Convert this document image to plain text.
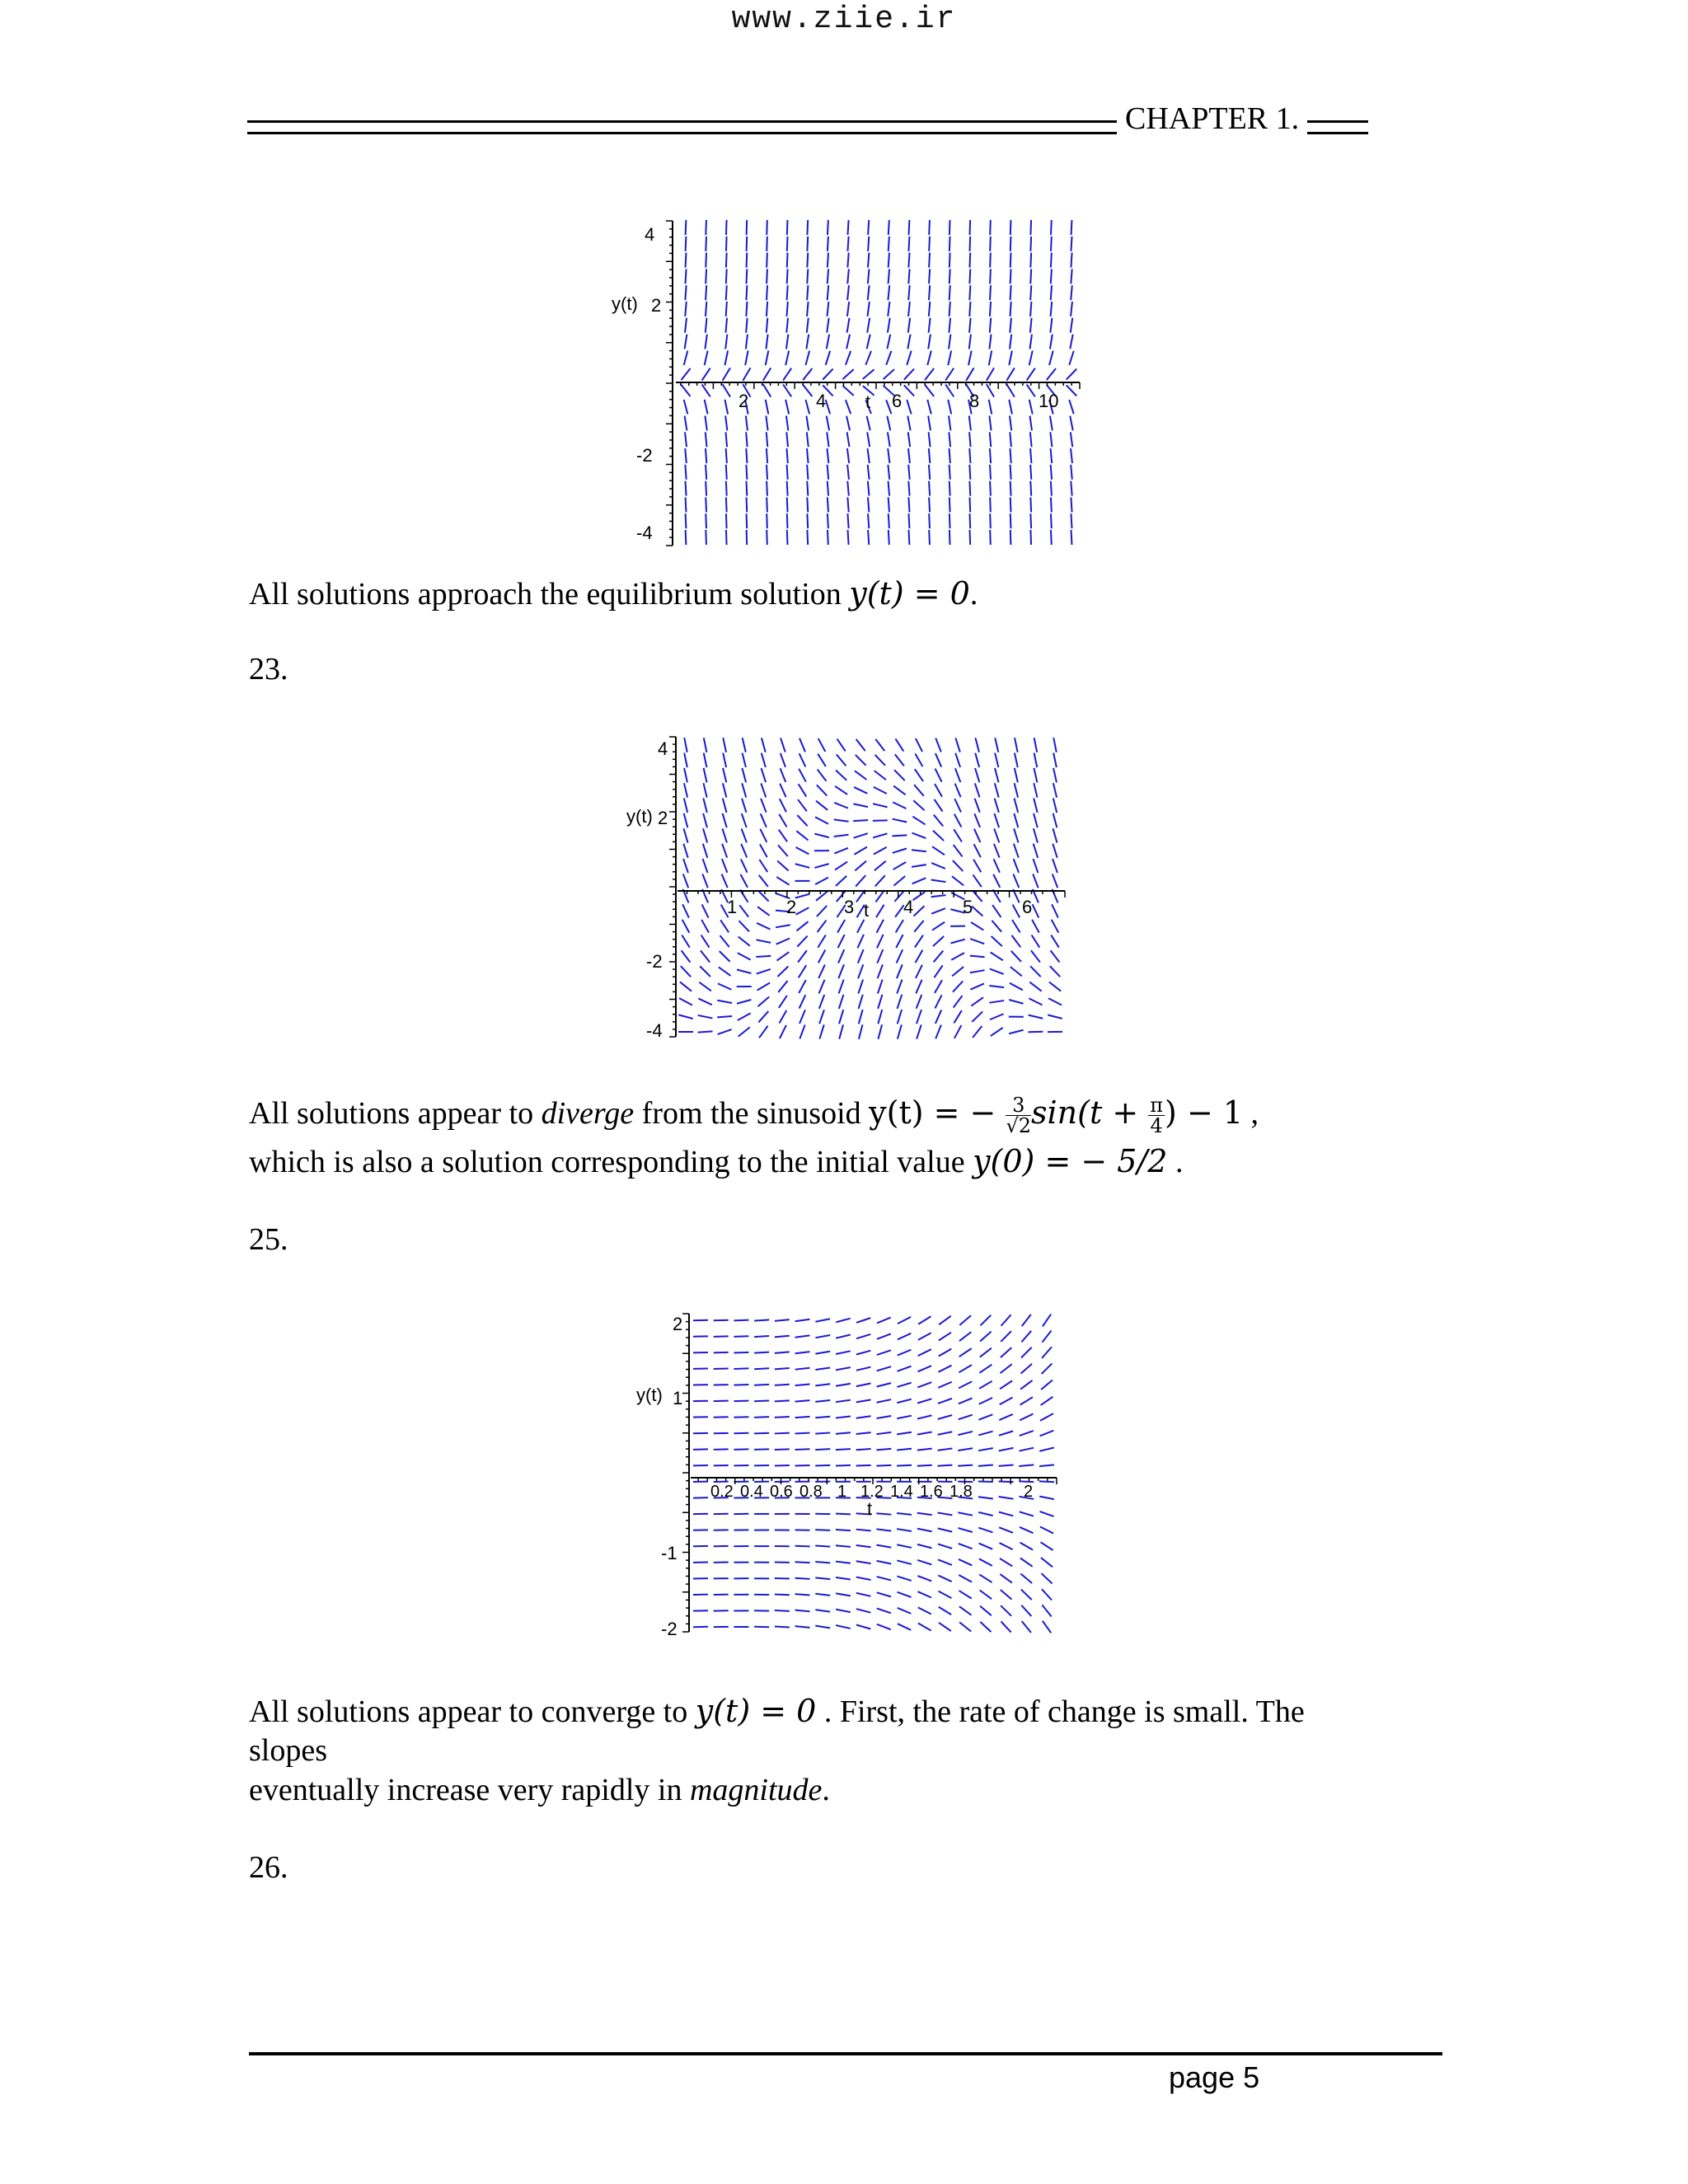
www.ziie.ir
CHAPTER 1.
y(t)
t
2	4	6	8	10
4
2
-2
-4

All solutions approach the equilibrium solution y(t) = 0.

23.
y(t)
t
1	2	3	4	5	6
4
2
-2
-4

All solutions appear to diverge from the sinusoid y(t) = − $\frac{3}{√2} \sin(t + \frac{\pi}{4}$ ) − 1 ,

which is also a solution corresponding to the initial value y(0) = − 5/2 .

25.
y(t)
t
0.2 0.4 0.6 0.8 1 1.2 1.4 1.6 1.8	2
2
1
-1
-2

All solutions appear to converge to y(t) = 0 . First, the rate of change is small. The

slopes

eventually increase very rapidly in magnitude.

26.
page 5
